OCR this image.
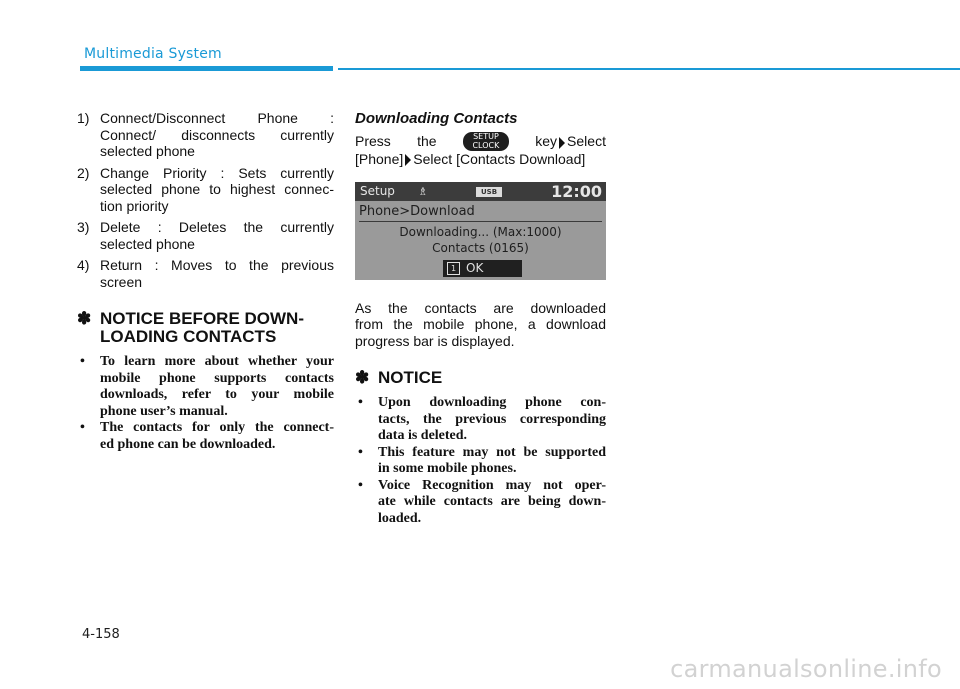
Multimedia System
1) Connect/Disconnect Phone :
Connect/ disconnects currently
selected phone
2) Change Priority : Sets currently
selected phone to highest connec-
tion priority
3) Delete : Deletes the currently
selected phone
4) Return : Moves to the previous
screen
✽ NOTICE BEFORE DOWN-
LOADING CONTACTS
• To learn more about whether your
mobile phone supports contacts
downloads, refer to your mobile
phone user’s manual.
• The contacts for only the connect-
ed phone can be downloaded.
Downloading Contacts
Press the	SETUP
CLOCK	key Select
[Phone] Select [Contacts Download]
Setup ♗	USB	12:00
Phone>Download
Downloading... (Max:1000)
Contacts (0165)
1 OK
As the contacts are downloaded
from the mobile phone, a download
progress bar is displayed.
✽ NOTICE
• Upon downloading phone con-
tacts, the previous corresponding
data is deleted.
• This feature may not be supported
in some mobile phones.
• Voice Recognition may not oper-
ate while contacts are being down-
loaded.
4-158
carmanualsonline.info
